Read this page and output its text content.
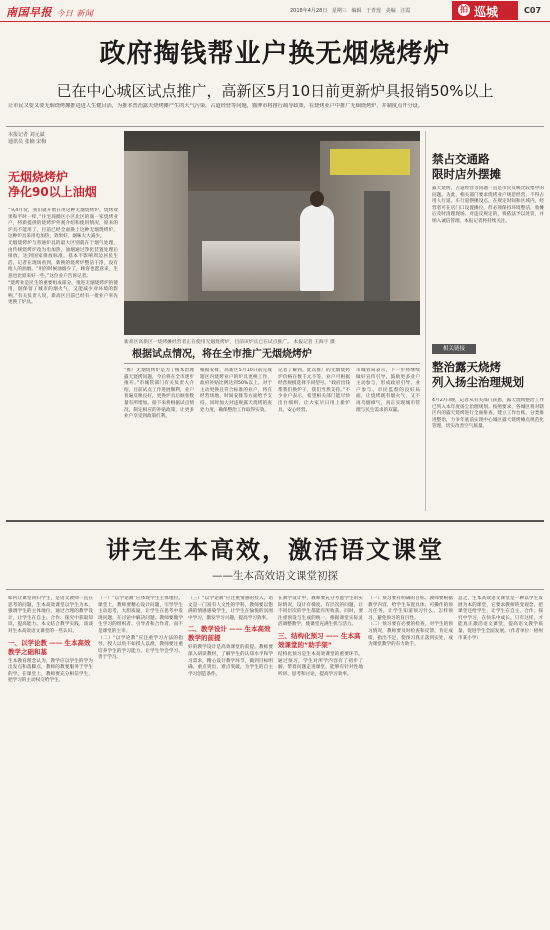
南国早报 今日 新闻	2018年4月28日 星期三 编辑 于青莲 美编 汪霞	拍 巡城	C07
政府掏钱帮业户换无烟烧烤炉
已在中心城区试点推广，高新区5月10日前更新炉具报销50%以上
让市民又要又要无烟烧烤摊推进进人生健目活，为推本普治露天烧烤摊产生的大气污染，占道经营等问题，猫博市将推行疏导政策，在烧烤业户中推广无烟烧烤炉，并制度点开分设。
本报记者 刘元斌
通讯员 张楠 宋梅
无烟烧烤炉
净化90以上油烟
“从4月份，我们就开始在用这种无烟烧烤炉，烧烤效果和平时一样，”住宅商圈区小区北区的商一家烧烤业户，将新提供的烧烤炉外观介绍和使用情况，原来的炉具不能用了，目前已经全面换上这种无烟烧烤炉。这种炉具采用电加热，效果好，烟味大大减少。
无烟烧烤炉与普通炉具的最大区别就在于烟气处理，由传统烧烤炉改为电加热，油烟通过净化装置处理后排放，达到国家排放标准，基本不影响周边居民生活。记者在现场看到，新换的烧烤炉整洁干净，没有呛人的油烟。“用的时候油烟少了，顾客也愿意来，生意也比原来好一些。”这位业户告诉记者。
“烧烤业是民生的重要组成部分，推进无烟烧烤炉的使用，既保留了城市的烟火气，又能减少对环境的影响。”有关负责人说，新高区目前已经有一批业户率先更换了炉具。
新高区高新区一烧烤摊经营者正在使用无烟烧烤炉，目前该炉具已在试点推广。 本报记者 王海宇 摄
根据试点情况，将在全市推广无烟烧烤炉
“推广无烟烧烤炉是为了根本治理露天烧烤问题，今后将在全市逐步推开。”市城管部门有关负责人介绍，目前试点工作进展顺利，业户普遍反映良好，更换炉具后顾客数量有所增加。接下来将根据试点情况，制定相应的补贴政策，让更多业户享受到政策红利。
根据安排，高新区5月10日前完成辖区内烧烤业户的炉具更换工作，政府补贴比例达到50%以上。对于主动更换且符合标准的业户，将在经营场地、时间安排等方面给予支持，同时加大对违规露天烧烤的查处力度，确保整治工作取得实效。
记者了解到，此次推广的无烟烧烤炉价格在数千元不等，业户可根据经营规模选择不同型号。“政府出钱帮我们换炉子，我们当然支持。”不少业户表示，希望相关部门能尽快出台细则，让大家早日用上新炉具，安心经营。
市城管局表示，下一步将继续做好宣传引导，鼓励更多业户主动参与，形成政府引导、业户参与、市民监督的良好局面，让烧烤既有烟火气，又不再乌烟瘴气，真正实现城市管理与民生需求的双赢。
禁占交通路
限时店外摆摊
露天烧烤、占道经营等问题一直是市民反映比较集中的问题。为此，相关部门要求烧烤业户规范经营，不得占用人行道、车行道摆摊设点。在规定时间和区域内，经营者可在店门口设置摊位，但必须保持环境整洁，收摊后及时清理现场。对违反规定的，将依法予以处罚，并纳入诚信管理。本报记者将持续关注。
相关链接
整治露天烧烤
列入扬尘治理规划
4月27日晚，记者从有关部门获悉，露天烧烤整治工作已列入本年度扬尘治理规划。按照要求，各城区将对辖区内的露天烧烤进行全面排查，建立工作台账，分类推进整治，力争年底前实现中心城区露天烧烤摊点规范化管理，切实改善空气质量。
讲完生本高效，激活语文课堂
——生本高效语文课堂初探
如何让课堂回归学生，是语文教师一直在思考的问题。生本高效课堂以学生为本，强调学生的主体地位，通过合理的教学设计，让学生在自主、合作、探究中获取知识，提高能力。本文结合教学实践，谈谈对生本高效语文课堂的一些认识。
一、以学论教 —— 生本高效教学之础和基
生本教育理念认为，教学应以学生的学为出发点和落脚点，教师的教要服务于学生的学。在课堂上，教师要充分相信学生，把学习的主动权交给学生。
（一）“以学论教”应体现学生主体地位。课堂上，教师要精心设计问题，引导学生主动思考，大胆质疑，让学生在思考中发现问题，在讨论中解决问题。教师要做学生学习的组织者、引导者和合作者，而不是课堂的主宰。
（二）“以学论教”应注重学习方法的指导。授人以鱼不如授人以渔，教师要注重培养学生的学习能力，让学生学会学习、善于学习。
（三）“以学论教”应注重情感的投入。语文是一门富有人文性的学科，教师要以饱满的情感感染学生，让学生在愉悦的氛围中学习，激发学习兴趣，提高学习效率。
二、教学设计 —— 生本高效教学的前提
好的教学设计是高效课堂的前提。教师要深入研读教材，了解学生的认知水平和学习需求，精心设计教学环节，做到目标明确、重点突出、难点突破，为学生的自主学习创造条件。
在教学设计中，教师要充分考虑学生的实际情况，设计有梯度、有层次的问题，让不同层次的学生都能有所收获。同时，要注重预设与生成的统一，根据课堂实际灵活调整教学，使课堂充满生机与活力。
三、结构化预习 —— 生本高效课堂的“助手架”
结构化预习是生本高效课堂的重要环节。通过预习，学生对所学内容有了初步了解，带着问题走进课堂，能够有针对性地听讲、思考和讨论，提高学习效率。
（一）预习要有明确的目标。教师要根据教学内容，给学生布置具体、可操作的预习任务，让学生知道预习什么、怎样预习，避免预习的盲目性。
（二）预习要有必要的检查。对学生的预习情况，教师要及时检查和反馈，肯定成绩，指出不足，使预习真正落到实处，成为课堂教学的有力助手。
总之，生本高效语文课堂是一种以学生发展为本的课堂，它要求教师转变观念，把课堂还给学生，让学生在自主、合作、探究中学习，在快乐中成长。只有这样，才能真正激活语文课堂，提高语文教学质量，促进学生全面发展。（作者单位：梧州市某小学）
